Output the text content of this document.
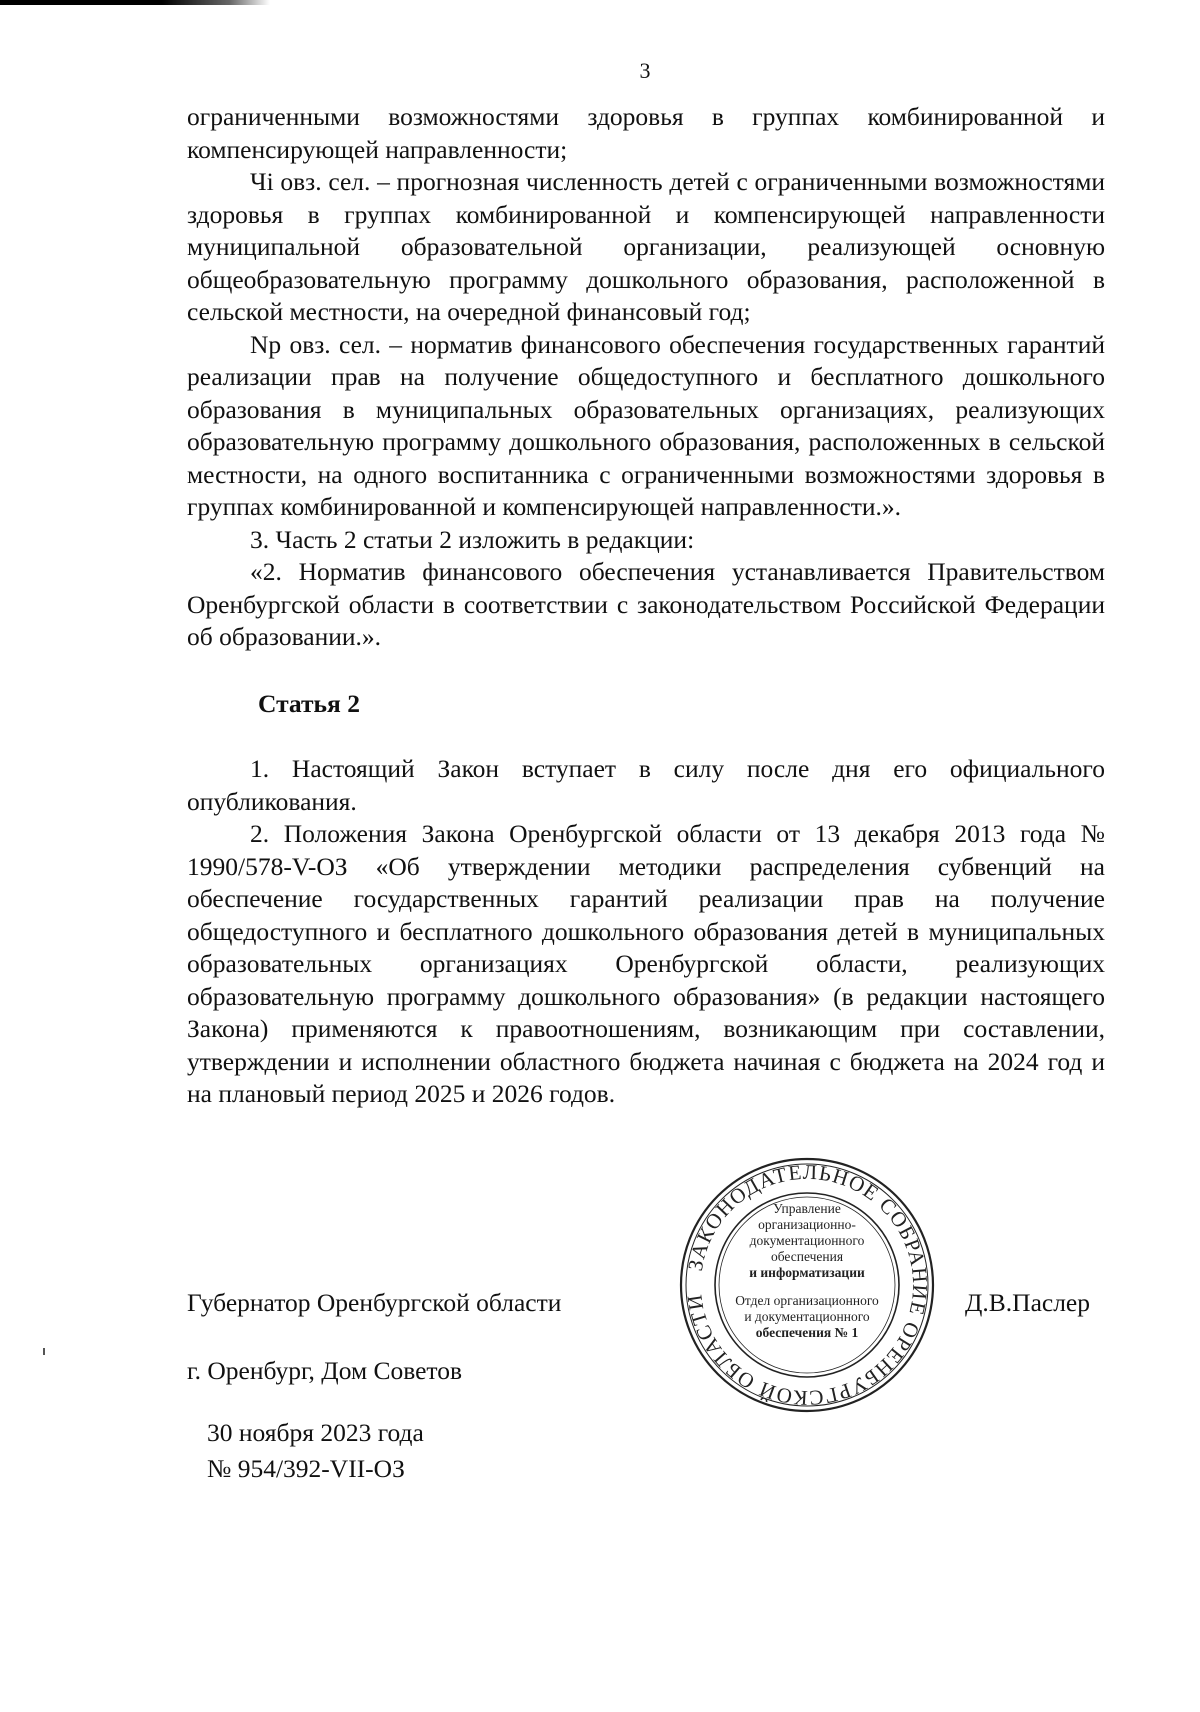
3

ограниченными возможностями здоровья в группах комбинированной и компенсирующей направленности;

Чi овз. сел. – прогнозная численность детей с ограниченными возможностями здоровья в группах комбинированной и компенсирующей направленности муниципальной образовательной организации, реализующей основную общеобразовательную программу дошкольного образования, расположенной в сельской местности, на очередной финансовый год;

Np овз. сел. – норматив финансового обеспечения государственных гарантий реализации прав на получение общедоступного и бесплатного дошкольного образования в муниципальных образовательных организациях, реализующих образовательную программу дошкольного образования, расположенных в сельской местности, на одного воспитанника с ограниченными возможностями здоровья в группах комбинированной и компенсирующей направленности.».

3. Часть 2 статьи 2 изложить в редакции:

«2. Норматив финансового обеспечения устанавливается Правительством Оренбургской области в соответствии с законодательством Российской Федерации об образовании.».

Статья 2

1. Настоящий Закон вступает в силу после дня его официального опубликования.

2. Положения Закона Оренбургской области от 13 декабря 2013 года № 1990/578-V-ОЗ «Об утверждении методики распределения субвенций на обеспечение государственных гарантий реализации прав на получение общедоступного и бесплатного дошкольного образования детей в муниципальных образовательных организациях Оренбургской области, реализующих образовательную программу дошкольного образования» (в редакции настоящего Закона) применяются к правоотношениям, возникающим при составлении, утверждении и исполнении областного бюджета начиная с бюджета на 2024 год и на плановый период 2025 и 2026 годов.

ЗАКОНОДАТЕЛЬНОЕ СОБРАНИЕ ОРЕНБУРГСКОЙ ОБЛАСТИ
Управление
организационно-
документационного
обеспечения
и информатизации
Отдел организационного
и документационного
обеспечения № 1
Губернатор Оренбургской области	Д.В.Паслер
г. Оренбург, Дом Советов
30 ноября 2023 года
№ 954/392-VII-ОЗ
